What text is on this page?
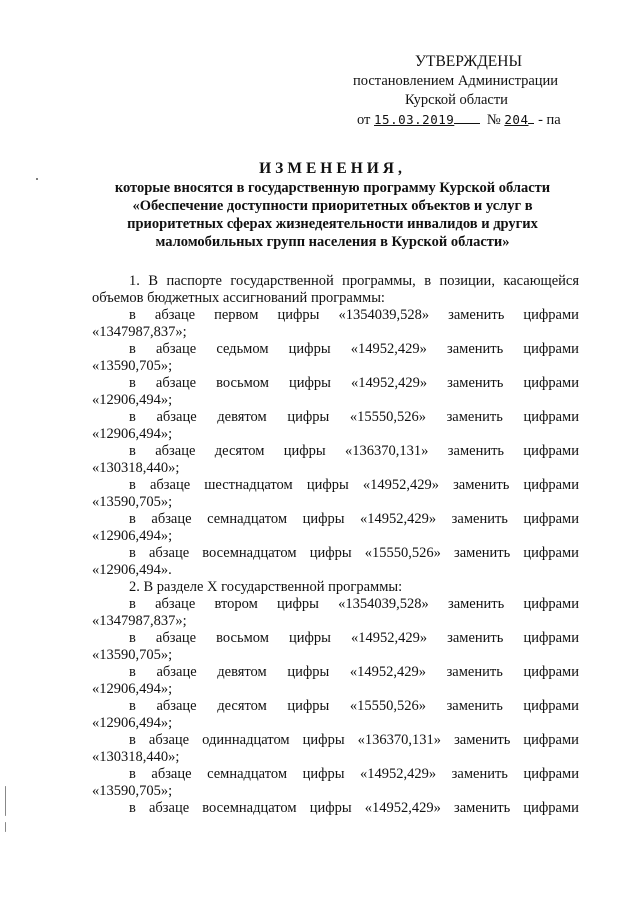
УТВЕРЖДЕНЫ
постановлением Администрации
Курской области
от 15.03.2019 № 204 - па
ИЗМЕНЕНИЯ,
которые вносятся в государственную программу Курской области
«Обеспечение доступности приоритетных объектов и услуг в
приоритетных сферах жизнедеятельности инвалидов и других
маломобильных групп населения в Курской области»

1. В паспорте государственной программы, в позиции, касающейся объемов бюджетных ассигнований программы:

в абзаце первом цифры «1354039,528» заменить цифрами
«1347987,837»;
в абзаце седьмом цифры «14952,429» заменить цифрами
«13590,705»;
в абзаце восьмом цифры «14952,429» заменить цифрами
«12906,494»;
в абзаце девятом цифры «15550,526» заменить цифрами
«12906,494»;
в абзаце десятом цифры «136370,131» заменить цифрами
«130318,440»;
в абзаце шестнадцатом цифры «14952,429» заменить цифрами
«13590,705»;
в абзаце семнадцатом цифры «14952,429» заменить цифрами
«12906,494»;
в абзаце восемнадцатом цифры «15550,526» заменить цифрами
«12906,494».

2. В разделе X государственной программы:

в абзаце втором цифры «1354039,528» заменить цифрами
«1347987,837»;
в абзаце восьмом цифры «14952,429» заменить цифрами
«13590,705»;
в абзаце девятом цифры «14952,429» заменить цифрами
«12906,494»;
в абзаце десятом цифры «15550,526» заменить цифрами
«12906,494»;
в абзаце одиннадцатом цифры «136370,131» заменить цифрами
«130318,440»;
в абзаце семнадцатом цифры «14952,429» заменить цифрами
«13590,705»;
в абзаце восемнадцатом цифры «14952,429» заменить цифрами
